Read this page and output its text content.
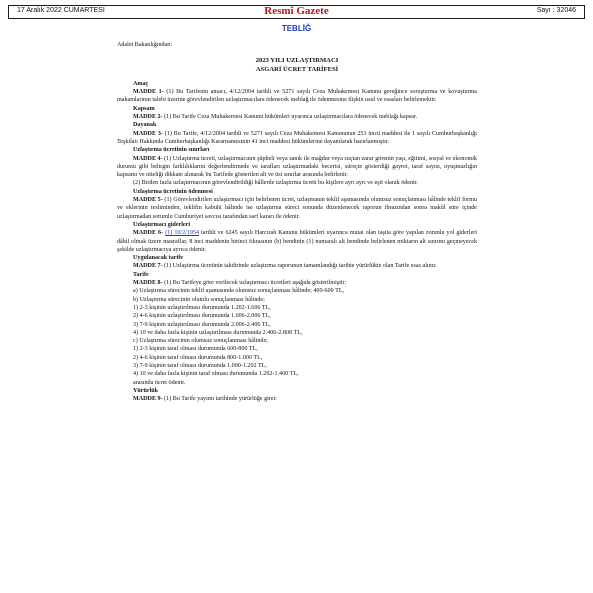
17 Aralık 2022 CUMARTESİ	Resmî Gazete	Sayı : 32046
TEBLİĞ

Adalet Bakanlığından:

2023 YILI UZLAŞTIRMACI

ASGARİ ÜCRET TARİFESİ

Amaç

MADDE 1- (1) Bu Tarifenin amacı, 4/12/2004 tarihli ve 5271 sayılı Ceza Muhakemesi Kanunu gereğince soruşturma ve kovuşturma makamlarının talebi üzerine görevlendirilen uzlaştırmacılara ödenecek meblağ ile ödenmesine ilişkin usul ve esasları belirlemektir.

Kapsam

MADDE 2- (1) Bu Tarife Ceza Muhakemesi Kanunu hükümleri uyarınca uzlaştırmacılara ödenecek meblağı kapsar.

Dayanak

MADDE 3- (1) Bu Tarife, 4/12/2004 tarihli ve 5271 sayılı Ceza Muhakemesi Kanununun 253 üncü maddesi ile 1 sayılı Cumhurbaşkanlığı Teşkilatı Hakkında Cumhurbaşkanlığı Kararnamesinin 41 inci maddesi hükümlerine dayanılarak hazırlanmıştır.

Uzlaştırma ücretinin sınırları

MADDE 4- (1) Uzlaştırma ücreti, uzlaştırmacının şüpheli veya sanık ile mağdur veya suçtan zarar görenin yaşı, eğitimi, sosyal ve ekonomik durumu gibi belirgin farklılıklarını değerlendirmede ve tarafları uzlaştırmadaki becerisi, süreçte gösterdiği gayret, taraf sayısı, uyuşmazlığın kapsamı ve niteliği dikkate alınarak bu Tarifede gösterilen alt ve üst sınırlar arasında belirlenir.

(2) Birden fazla uzlaştırmacının görevlendirildiği hâllerde uzlaştırma ücreti bu kişilere ayrı ayrı ve eşit olarak ödenir.

Uzlaştırma ücretinin ödenmesi

MADDE 5- (1) Görevlendirilen uzlaştırmacı için belirlenen ücret, uzlaşmanın teklif aşamasında olumsuz sonuçlanması hâlinde teklif formu ve eklerinin tesliminden, teklifin kabulü hâlinde ise uzlaştırma süreci sonunda düzenlenecek raporun ibrazından sonra makûl süre içinde uzlaştırmadan sorumlu Cumhuriyet savcısı tarafından sarf kararı ile ödenir.

Uzlaştırmacı giderleri

MADDE 6- (1) 10/2/1954 tarihli ve 6245 sayılı Harcırah Kanunu hükümleri uyarınca mutat olan taşıta göre yapılan zorunlu yol giderleri dâhil olmak üzere masraflar, 8 inci maddenin birinci fıkrasının (b) bendinin (1) numaralı alt bendinde belirlenen miktarın alt sınırını geçmeyecek şekilde uzlaştırmacıya ayrıca ödenir.

Uygulanacak tarife

MADDE 7- (1) Uzlaştırma ücretinin takdirinde uzlaştırma raporunun tamamlandığı tarihte yürürlükte olan Tarife esas alınır.

Tarife

MADDE 8- (1) Bu Tarifeye göre verilecek uzlaştırmacı ücretleri aşağıda gösterilmiştir:

a) Uzlaştırma sürecinin teklif aşamasında olumsuz sonuçlanması hâlinde; 400-600 TL,

b) Uzlaştırma sürecinin olumlu sonuçlanması hâlinde;

1) 2-3 kişinin uzlaştırılması durumunda 1.202-1.606 TL,

2) 4-6 kişinin uzlaştırılması durumunda 1.606-2.006 TL,

3) 7-9 kişinin uzlaştırılması durumunda 2.006-2.406 TL,

4) 10 ve daha fazla kişinin uzlaştırılması durumunda 2.406-2.808 TL,

c) Uzlaştırma sürecinin olumsuz sonuçlanması hâlinde;

1) 2-3 kişinin taraf olması durumunda 600-800 TL,

2) 4-6 kişinin taraf olması durumunda 800-1.000 TL,

3) 7-9 kişinin taraf olması durumunda 1.000-1.202 TL,

4) 10 ve daha fazla kişinin taraf olması durumunda 1.202-1.400 TL,

arasında ücret ödenir.

Yürürlük

MADDE 9- (1) Bu Tarife yayımı tarihinde yürürlüğe girer.
